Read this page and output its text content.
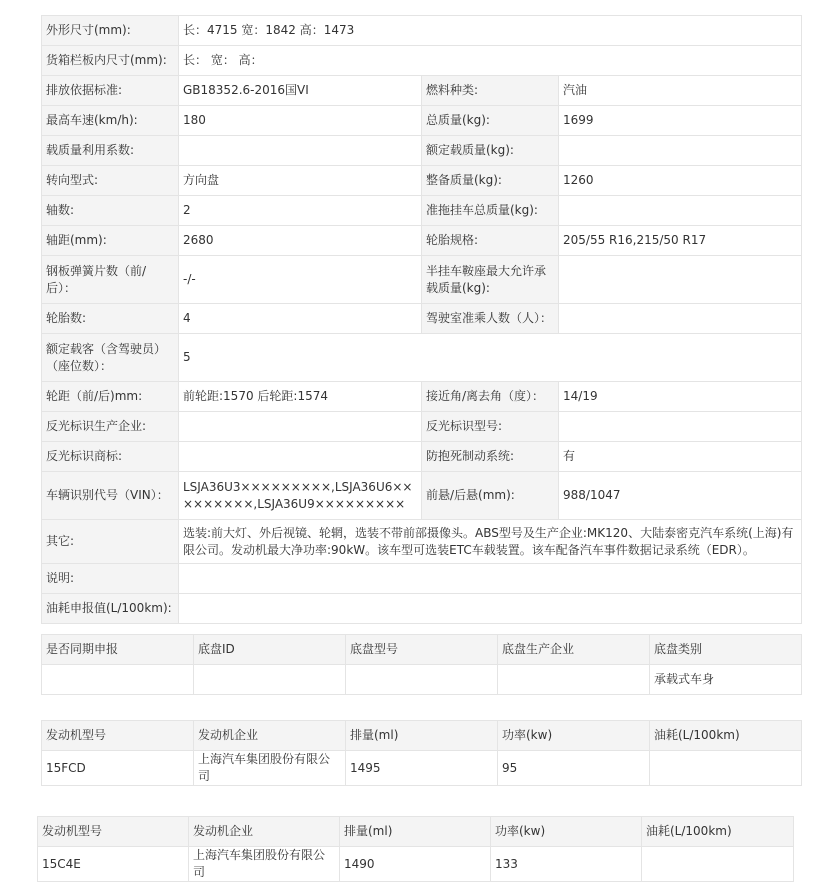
外形尺寸(mm):	长：4715 宽：1842 高：1473		
货箱栏板内尺寸(mm):	长： 宽： 高：		
排放依据标准:	GB18352.6-2016国VI	燃料种类:	汽油
最高车速(km/h):	180	总质量(kg):	1699
载质量利用系数:		额定载质量(kg):	
转向型式:	方向盘	整备质量(kg):	1260
轴数:	2	准拖挂车总质量(kg):	
轴距(mm):	2680	轮胎规格:	205/55 R16,215/50 R17
钢板弹簧片数（前/后）：	-/-	半挂车鞍座最大允许承载质量(kg):	
轮胎数:	4	驾驶室准乘人数（人）：	
额定载客（含驾驶员）（座位数）：	5		
轮距（前/后)mm:	前轮距:1570 后轮距:1574	接近角/离去角（度）：	14/19
反光标识生产企业:		反光标识型号:	
反光标识商标:		防抱死制动系统:	有
车辆识别代号（VIN）：	LSJA36U3×××××××××,LSJA36U6×××××××××,LSJA36U9×××××××××	前悬/后悬(mm):	988/1047
其它:	选装:前大灯、外后视镜、轮辋，选装不带前部摄像头。ABS型号及生产企业:MK120、大陆泰密克汽车系统(上海)有限公司。发动机最大净功率:90kW。该车型可选装ETC车载装置。该车配备汽车事件数据记录系统（EDR）。		
说明:			
油耗申报值(L/100km):			
是否同期申报	底盘ID	底盘型号	底盘生产企业	底盘类别
				承载式车身
发动机型号	发动机企业	排量(ml)	功率(kw)	油耗(L/100km)
15FCD	上海汽车集团股份有限公司	1495	95	
发动机型号	发动机企业	排量(ml)	功率(kw)	油耗(L/100km)
15C4E	上海汽车集团股份有限公司	1490	133	
